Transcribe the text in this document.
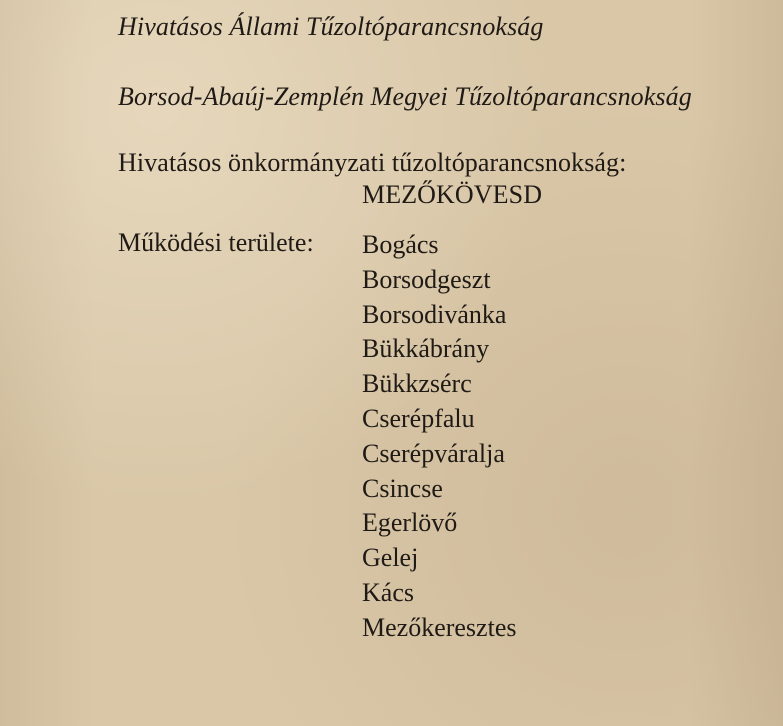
Hivatásos Állami Tűzoltóparancsnokság
Borsod-Abaúj-Zemplén Megyei Tűzoltóparancsnokság
Hivatásos önkormányzati tűzoltóparancsnokság:
MEZŐKÖVESD
Működési területe: Bogács
Borsodgeszt
Borsodivánka
Bükkábrány
Bükkzsérc
Cserépfalu
Cserépváralja
Csincse
Egerlövő
Gelej
Kács
Mezőkeresztes
